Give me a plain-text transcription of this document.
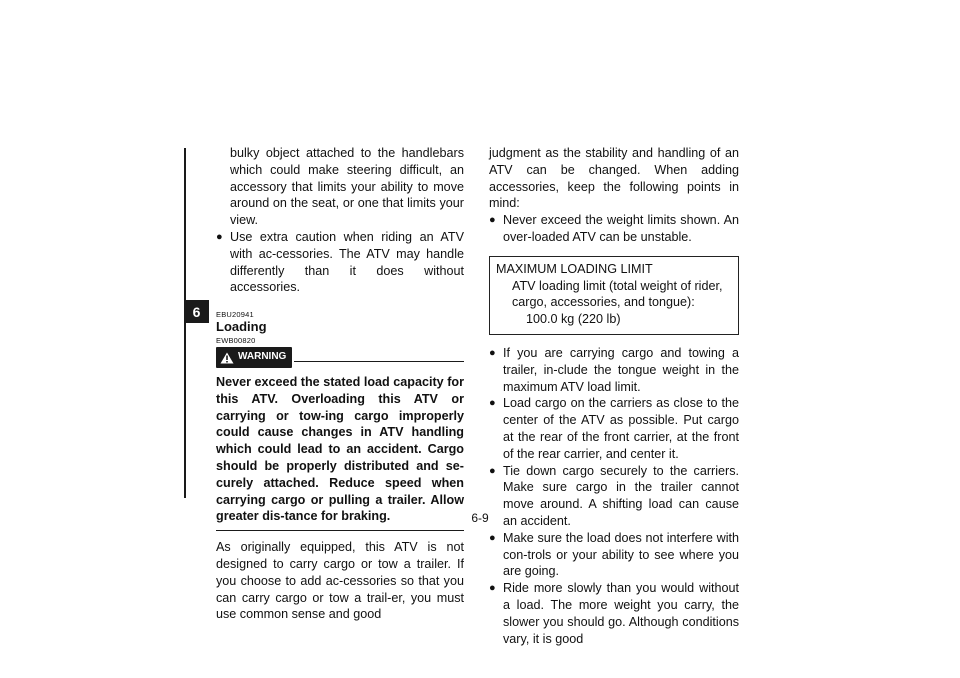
6
bulky object attached to the handlebars which could make steering difficult, an accessory that limits your ability to move around on the seat, or one that limits your view.
● Use extra caution when riding an ATV with ac-cessories. The ATV may handle differently than it does without accessories.
EBU20941
Loading
EWB00820
WARNING
Never exceed the stated load capacity for this ATV. Overloading this ATV or carrying or tow-ing cargo improperly could cause changes in ATV handling which could lead to an accident. Cargo should be properly distributed and se-curely attached. Reduce speed when carrying cargo or pulling a trailer. Allow greater dis-tance for braking.
As originally equipped, this ATV is not designed to carry cargo or tow a trailer. If you choose to add ac-cessories so that you can carry cargo or tow a trail-er, you must use common sense and good
judgment as the stability and handling of an ATV can be changed. When adding accessories, keep the following points in mind:
● Never exceed the weight limits shown. An over-loaded ATV can be unstable.
MAXIMUM LOADING LIMIT
ATV loading limit (total weight of rider, cargo, accessories, and tongue):
100.0 kg (220 lb)
● If you are carrying cargo and towing a trailer, in-clude the tongue weight in the maximum ATV load limit.
● Load cargo on the carriers as close to the center of the ATV as possible. Put cargo at the rear of the front carrier, at the front of the rear carrier, and center it.
● Tie down cargo securely to the carriers. Make sure cargo in the trailer cannot move around. A shifting load can cause an accident.
● Make sure the load does not interfere with con-trols or your ability to see where you are going.
● Ride more slowly than you would without a load. The more weight you carry, the slower you should go. Although conditions vary, it is good
6-9
